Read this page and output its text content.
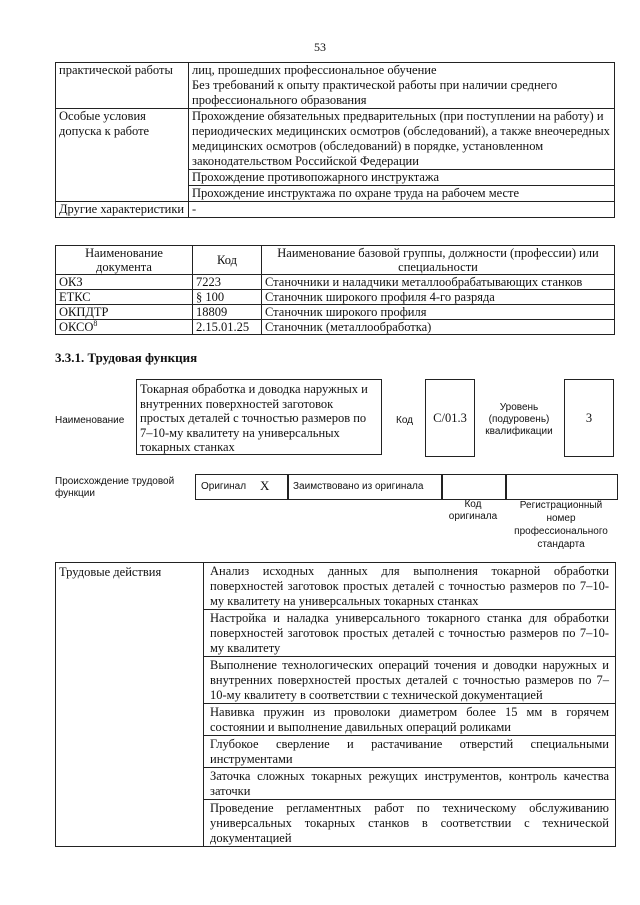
53
практической работы	лиц, прошедших профессиональное обучение
Без требований к опыту практической работы при наличии среднего профессионального образования
Особые условия допуска к работе	Прохождение обязательных предварительных (при поступлении на работу) и периодических медицинских осмотров (обследований), а также внеочередных медицинских осмотров (обследований) в порядке, установленном законодательством Российской Федерации
	Прохождение противопожарного инструктажа
	Прохождение инструктажа по охране труда на рабочем месте
Другие характеристики	-
Наименование документа	Код	Наименование базовой группы, должности (профессии) или специальности
ОКЗ	7223	Станочники и наладчики металлообрабатывающих станков
ЕТКС	§ 100	Станочник широкого профиля 4-го разряда
ОКПДТР	18809	Станочник широкого профиля
ОКСО$^8$	2.15.01.25	Станочник (металлообработка)
3.3.1. Трудовая функция
Наименование
Токарная обработка и доводка наружных и внутренних поверхностей заготовок простых деталей с точностью размеров по 7–10-му квалитету на универсальных токарных станках
Код	C/01.3
Уровень (подуровень) квалификации
3
Происхождение трудовой функции
Оригинал X Заимствовано из оригинала
Код оригинала
Регистрационный номер профессионального стандарта
Трудовые действия	Анализ исходных данных для выполнения токарной обработки поверхностей заготовок простых деталей с точностью размеров по 7–10-му квалитету на универсальных токарных станках
Настройка и наладка универсального токарного станка для обработки поверхностей заготовок простых деталей с точностью размеров по 7–10-му квалитету
Выполнение технологических операций точения и доводки наружных и внутренних поверхностей простых деталей с точностью размеров по 7–10-му квалитету в соответствии с технической документацией
Навивка пружин из проволоки диаметром более 15 мм в горячем состоянии и выполнение давильных операций роликами
Глубокое сверление и растачивание отверстий специальными инструментами
Заточка сложных токарных режущих инструментов, контроль качества заточки
Проведение регламентных работ по техническому обслуживанию универсальных токарных станков в соответствии с технической документацией
